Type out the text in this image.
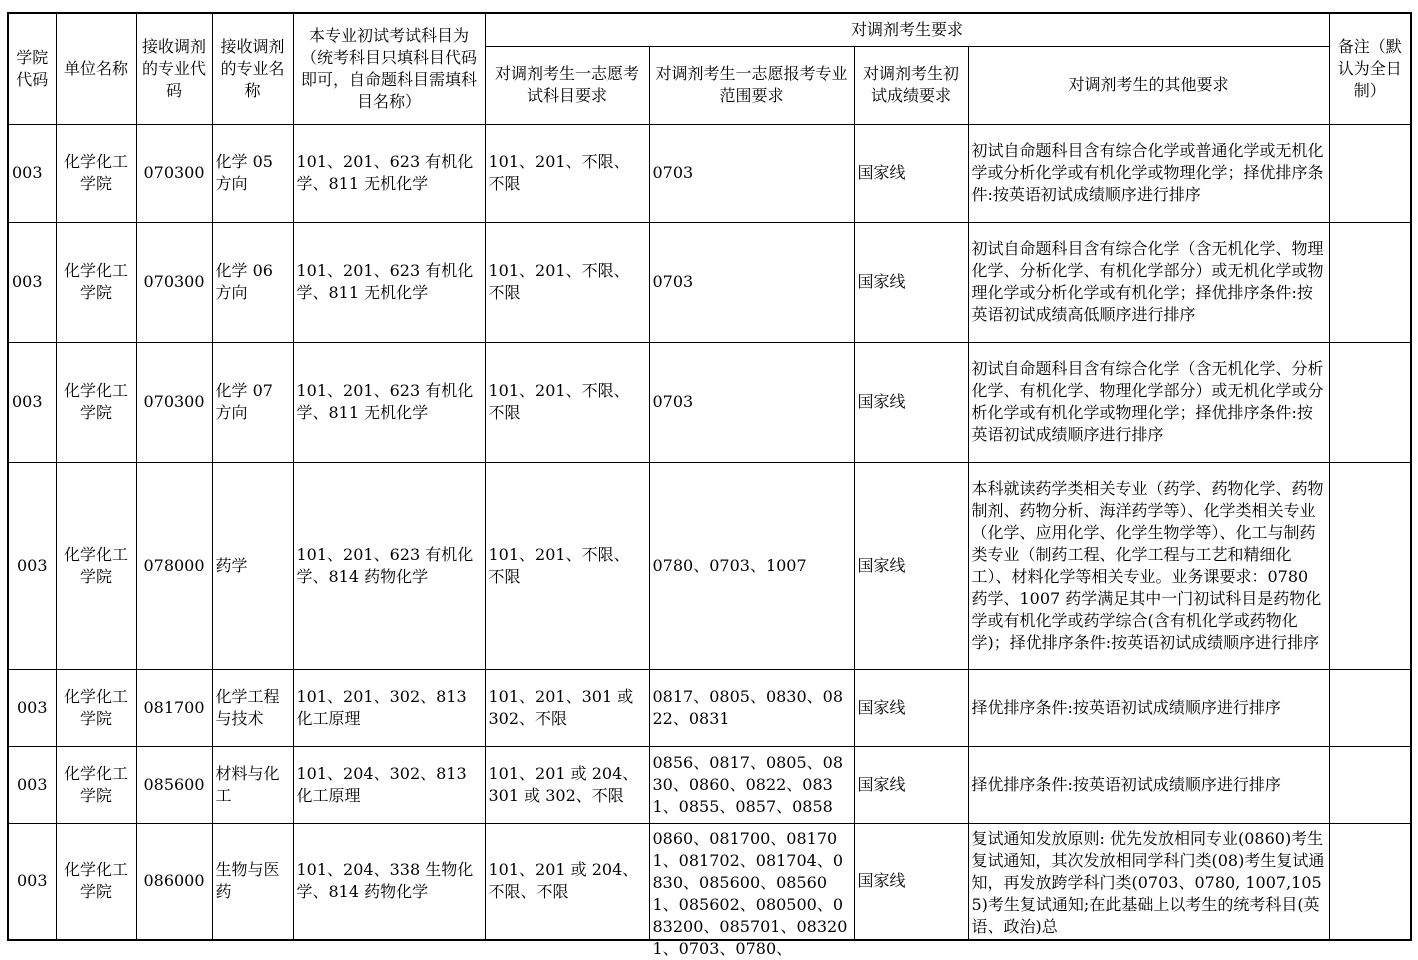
学院代码	单位名称	接收调剂的专业代码	接收调剂的专业名称	本专业初试考试科目为（统考科目只填科目代码即可，自命题科目需填科目名称）	对调剂考生要求				备注（默认为全日制）
					对调剂考生一志愿考试科目要求	对调剂考生一志愿报考专业范围要求	对调剂考生初试成绩要求	对调剂考生的其他要求	
003	化学化工学院	070300	化学 05 方向	101、201、623 有机化学、811 无机化学	101、201、不限、不限	0703	国家线	初试自命题科目含有综合化学或普通化学或无机化学或分析化学或有机化学或物理化学；择优排序条件:按英语初试成绩顺序进行排序	
003	化学化工学院	070300	化学 06 方向	101、201、623 有机化学、811 无机化学	101、201、不限、不限	0703	国家线	初试自命题科目含有综合化学（含无机化学、物理化学、分析化学、有机化学部分）或无机化学或物理化学或分析化学或有机化学；择优排序条件:按英语初试成绩高低顺序进行排序	
003	化学化工学院	070300	化学 07 方向	101、201、623 有机化学、811 无机化学	101、201、不限、不限	0703	国家线	初试自命题科目含有综合化学（含无机化学、分析化学、有机化学、物理化学部分）或无机化学或分析化学或有机化学或物理化学；择优排序条件:按英语初试成绩顺序进行排序	
003	化学化工学院	078000	药学	101、201、623 有机化学、814 药物化学	101、201、不限、不限	0780、0703、1007	国家线	本科就读药学类相关专业（药学、药物化学、药物制剂、药物分析、海洋药学等）、化学类相关专业（化学、应用化学、化学生物学等）、化工与制药类专业（制药工程、化学工程与工艺和精细化工）、材料化学等相关专业。业务课要求：0780 药学、1007 药学满足其中一门初试科目是药物化学或有机化学或药学综合(含有机化学或药物化学)；择优排序条件:按英语初试成绩顺序进行排序	
003	化学化工学院	081700	化学工程与技术	101、201、302、813 化工原理	101、201、301 或 302、不限	0817、0805、0830、0822、0831	国家线	择优排序条件:按英语初试成绩顺序进行排序	
003	化学化工学院	085600	材料与化工	101、204、302、813 化工原理	101、201 或 204、301 或 302、不限	0856、0817、0805、0830、0860、0822、0831、0855、0857、0858	国家线	择优排序条件:按英语初试成绩顺序进行排序	
003	化学化工学院	086000	生物与医药	101、204、338 生物化学、814 药物化学	101、201 或 204、不限、不限	0860、081700、081701、081702、081704、0830、085600、085601、085602、080500、083200、085701、083201、0703、0780、	国家线	复试通知发放原则: 优先发放相同专业(0860)考生复试通知，其次发放相同学科门类(08)考生复试通知，再发放跨学科门类(0703、0780, 1007,1055)考生复试通知;在此基础上以考生的统考科目(英语、政治)总	
